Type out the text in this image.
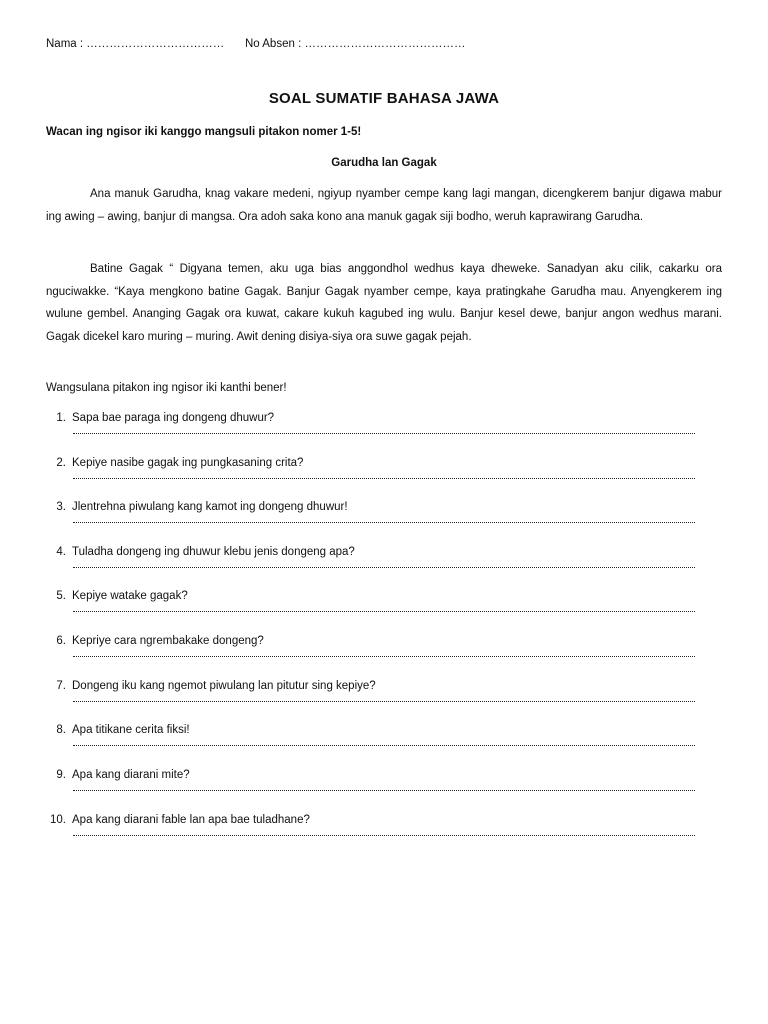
Nama : ……………………………… No Absen : ……………………………………
SOAL SUMATIF BAHASA JAWA
Wacan ing ngisor iki kanggo mangsuli pitakon nomer 1-5!
Garudha lan Gagak
Ana manuk Garudha, knag vakare medeni, ngiyup nyamber cempe kang lagi mangan, dicengkerem banjur digawa mabur ing awing – awing, banjur di mangsa. Ora adoh saka kono ana manuk gagak siji bodho, weruh kaprawirang Garudha.
Batine Gagak “ Digyana temen, aku uga bias anggondhol wedhus kaya dheweke. Sanadyan aku cilik, cakarku ora nguciwakke. “Kaya mengkono batine Gagak. Banjur Gagak nyamber cempe, kaya pratingkahe Garudha mau. Anyengkerem ing wulune gembel. Ananging Gagak ora kuwat, cakare kukuh kagubed ing wulu. Banjur kesel dewe, banjur angon wedhus marani. Gagak dicekel karo muring – muring. Awit dening disiya-siya ora suwe gagak pejah.
Wangsulana pitakon ing ngisor iki kanthi bener!
1. Sapa bae paraga ing dongeng dhuwur?
2. Kepiye nasibe gagak ing pungkasaning crita?
3. Jlentrehna piwulang kang kamot ing dongeng dhuwur!
4. Tuladha dongeng ing dhuwur klebu jenis dongeng apa?
5. Kepiye watake gagak?
6. Kepriye cara ngrembakake dongeng?
7. Dongeng iku kang ngemot piwulang lan pitutur sing kepiye?
8. Apa titikane cerita fiksi!
9. Apa kang diarani mite?
10. Apa kang diarani fable lan apa bae tuladhane?
